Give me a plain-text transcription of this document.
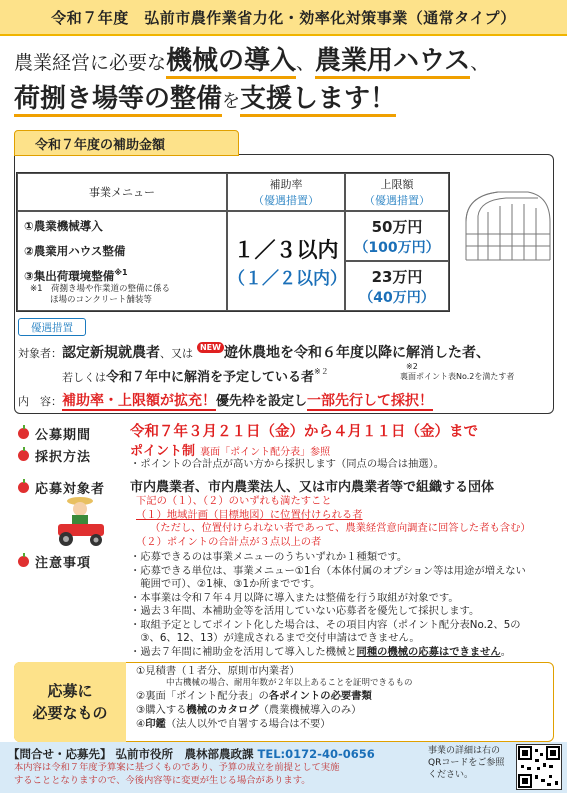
令和７年度　弘前市農作業省力化・効率化対策事業（通常タイプ）
農業経営に必要な機械の導入、農業用ハウス、
荷捌き場等の整備を支援します！
令和７年度の補助金額
事業メニュー
補助率
（優遇措置）
上限額
（優遇措置）
①農業機械導入
②農業用ハウス整備
③集出荷環境整備$^{※1}$
※1　荷捌き場や作業道の整備に係る
ほ場のコンクリート舗装等
１／３以内
（１／２以内）
50万円
（100万円）
23万円
（40万円）
優遇措置
対象者：認定新規就農者、又は NEW 遊休農地を令和６年度以降に解消した者、
若しくは令和７年中に解消を予定している者$^{※2}$
※2
裏面ポイント表No.2を満たす者
内　容：補助率・上限額が拡充！優先枠を設定し一部先行して採択！
公募期間
採択方法
令和７年３月２１日（金）から４月１１日（金）まで
ポイント制 裏面「ポイント配分表」参照
・ポイントの合計点が高い方から採択します（同点の場合は抽選）。
応募対象者 市内農業者、市内農業法人、又は市内農業者等で組織する団体
下記の（１）、（２）のいずれも満たすこと
（１）地域計画（目標地図）に位置付けられる者
（ただし、位置付けられない者であって、農業経営意向調査に回答した者も含む）
（２）ポイントの合計点が３点以上の者
注意事項	・応募できるのは事業メニューのうちいずれか１種類です。
・応募できる単位は、事業メニュー①1台（本体付属のオプション等は用途が増えない
　範囲で可）、②1棟、③1か所までです。
・本事業は令和７年４月以降に導入または整備を行う取組が対象です。
・過去３年間、本補助金等を活用していない応募者を優先して採択します。
・取組予定としてポイント化した場合は、その項目内容（ポイント配分表No.2、5の
　③、6、12、13）が達成されるまで交付申請はできません。
・過去７年間に補助金を活用して導入した機械と同種の機械の応募はできません。
応募に
必要なもの
①見積書（１者分、原則市内業者）
中古機械の場合、耐用年数が２年以上あることを証明できるもの
②裏面「ポイント配分表」の各ポイントの必要書類
③購入する機械のカタログ（農業機械導入のみ）
④印鑑（法人以外で自署する場合は不要）
【問合せ・応募先】 弘前市役所　農林部農政課 TEL:0172-40-0656
本内容は令和７年度予算案に基づくものであり、予算の成立を前提として実施
することとなりますので、今後内容等に変更が生じる場合があります。
事業の詳細は右の
QRコードをご参照
ください。
